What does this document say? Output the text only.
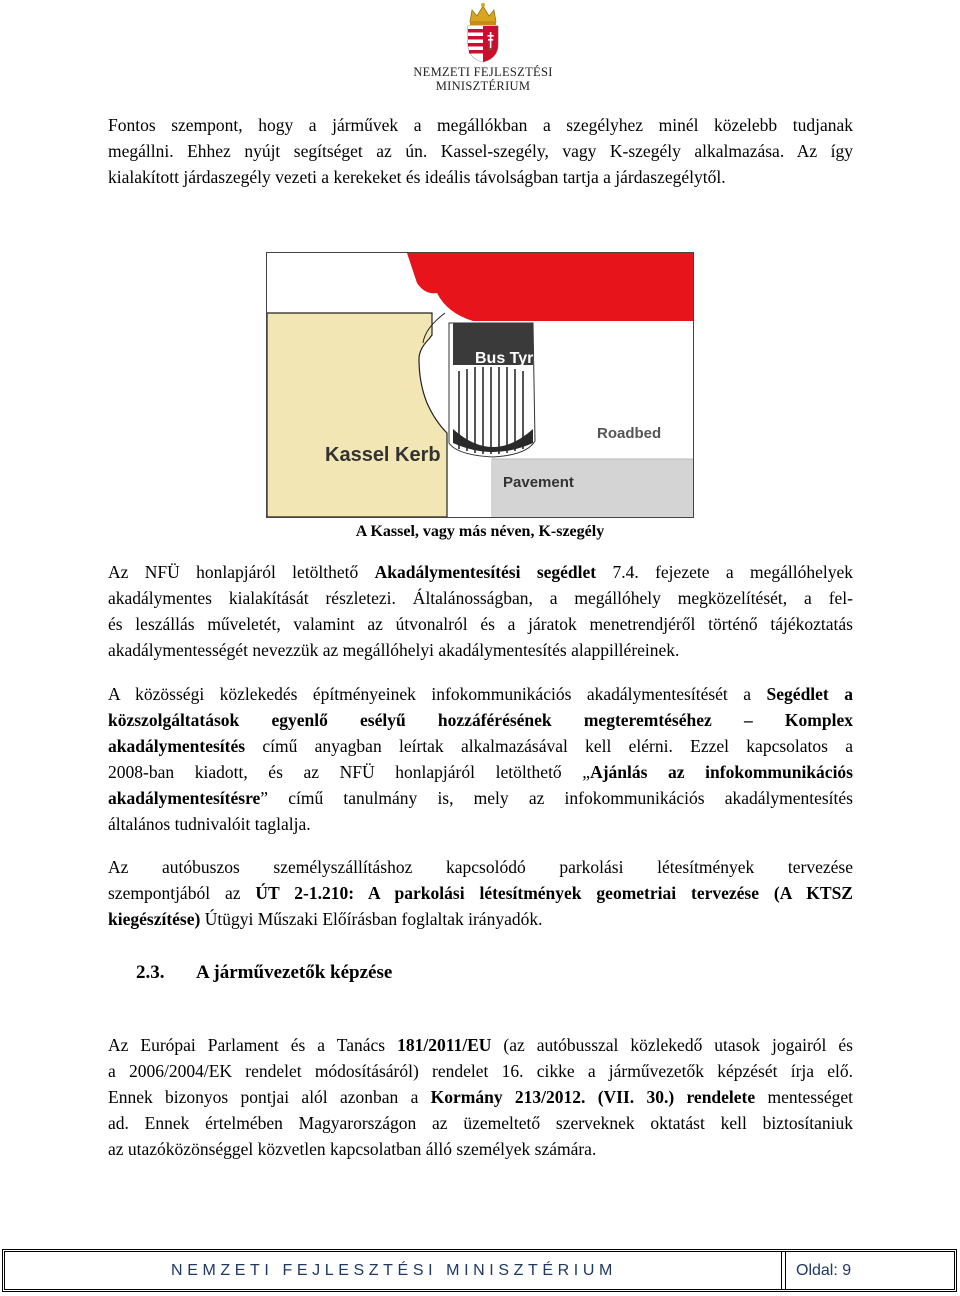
NEMZETI FEJLESZTÉSI
MINISZTÉRIUM

Fontos szempont, hogy a járművek a megállókban a szegélyhez minél közelebb tudjanak
megállni. Ehhez nyújt segítséget az ún. Kassel-szegély, vagy K-szegély alkalmazása. Az így
kialakított járdaszegély vezeti a kerekeket és ideális távolságban tartja a járdaszegélytől.

Bus Tyre
Roadbed
Kassel Kerb
Pavement
A Kassel, vagy más néven, K-szegély

Az NFÜ honlapjáról letölthető Akadálymentesítési segédlet 7.4. fejezete a megállóhelyek
akadálymentes kialakítását részletezi. Általánosságban, a megállóhely megközelítését, a fel-
és leszállás műveletét, valamint az útvonalról és a járatok menetrendjéről történő tájékoztatás
akadálymentességét nevezzük az megállóhelyi akadálymentesítés alappilléreinek.

A közösségi közlekedés építményeinek infokommunikációs akadálymentesítését a Segédlet a
közszolgáltatások egyenlő esélyű hozzáférésének megteremtéséhez – Komplex
akadálymentesítés című anyagban leírtak alkalmazásával kell elérni. Ezzel kapcsolatos a
2008-ban kiadott, és az NFÜ honlapjáról letölthető „Ajánlás az infokommunikációs
akadálymentesítésre” című tanulmány is, mely az infokommunikációs akadálymentesítés
általános tudnivalóit taglalja.

Az autóbuszos személyszállításhoz kapcsolódó parkolási létesítmények tervezése
szempontjából az ÚT 2-1.210: A parkolási létesítmények geometriai tervezése (A KTSZ
kiegészítése) Útügyi Műszaki Előírásban foglaltak irányadók.

2.3. A járművezetők képzése

Az Európai Parlament és a Tanács 181/2011/EU (az autóbusszal közlekedő utasok jogairól és
a 2006/2004/EK rendelet módosításáról) rendelet 16. cikke a járművezetők képzését írja elő.
Ennek bizonyos pontjai alól azonban a Kormány 213/2012. (VII. 30.) rendelete mentességet
ad. Ennek értelmében Magyarországon az üzemeltető szerveknek oktatást kell biztosítaniuk
az utazóközönséggel közvetlen kapcsolatban álló személyek számára.

NEMZETI FEJLESZTÉSI MINISZTÉRIUM	Oldal: 9
